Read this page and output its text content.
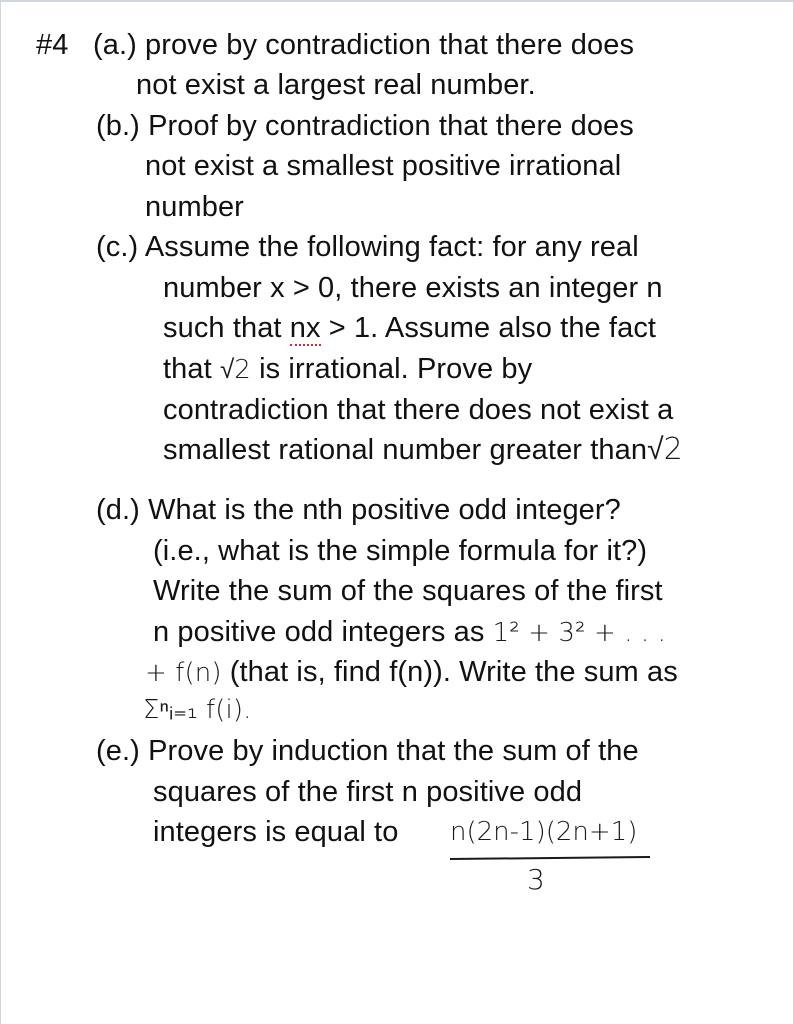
#4 (a.) prove by contradiction that there does
not exist a largest real number.
(b.) Proof by contradiction that there does
not exist a smallest positive irrational
number
(c.) Assume the following fact: for any real
number x > 0, there exists an integer n
such that nx > 1. Assume also the fact
that √2 is irrational. Prove by
contradiction that there does not exist a
smallest rational number greater than√2
(d.) What is the nth positive odd integer?
(i.e., what is the simple formula for it?)
Write the sum of the squares of the first
n positive odd integers as 1² + 3² + . . .
+ f(n) (that is, find f(n)). Write the sum as
Σⁿᵢ₌₁ f(i).
(e.) Prove by induction that the sum of the
squares of the first n positive odd
integers is equal to n(2n-1)(2n+1)
3
